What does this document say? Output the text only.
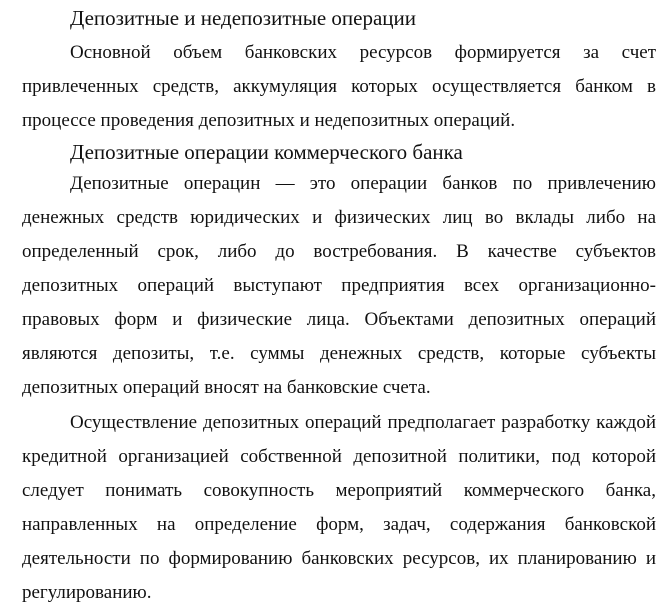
Депозитные и недепозитные операции

Основной объем банковских ресурсов формируется за счет привлеченных средств, аккумуляция которых осуществляется банком в процессе проведения депозитных и недепозитных операций.

Депозитные операции коммерческого банка

Депозитные операцин — это операции банков по привлечению денежных средств юридических и физических лиц во вклады либо на определенный срок, либо до востребования. В качестве субъектов депозитных операций выступают предприятия всех организационно-правовых форм и физические лица. Объектами депозитных операций являются депозиты, т.е. суммы денежных средств, которые субъекты депозитных операций вносят на банковские счета.

Осуществление депозитных операций предполагает разработку каждой кредитной организацией собственной депозитной политики, под которой следует понимать совокупность мероприятий коммерческого банка, направленных на определение форм, задач, содержания банковской деятельности по формированию банковских ресурсов, их планированию и регулированию.
